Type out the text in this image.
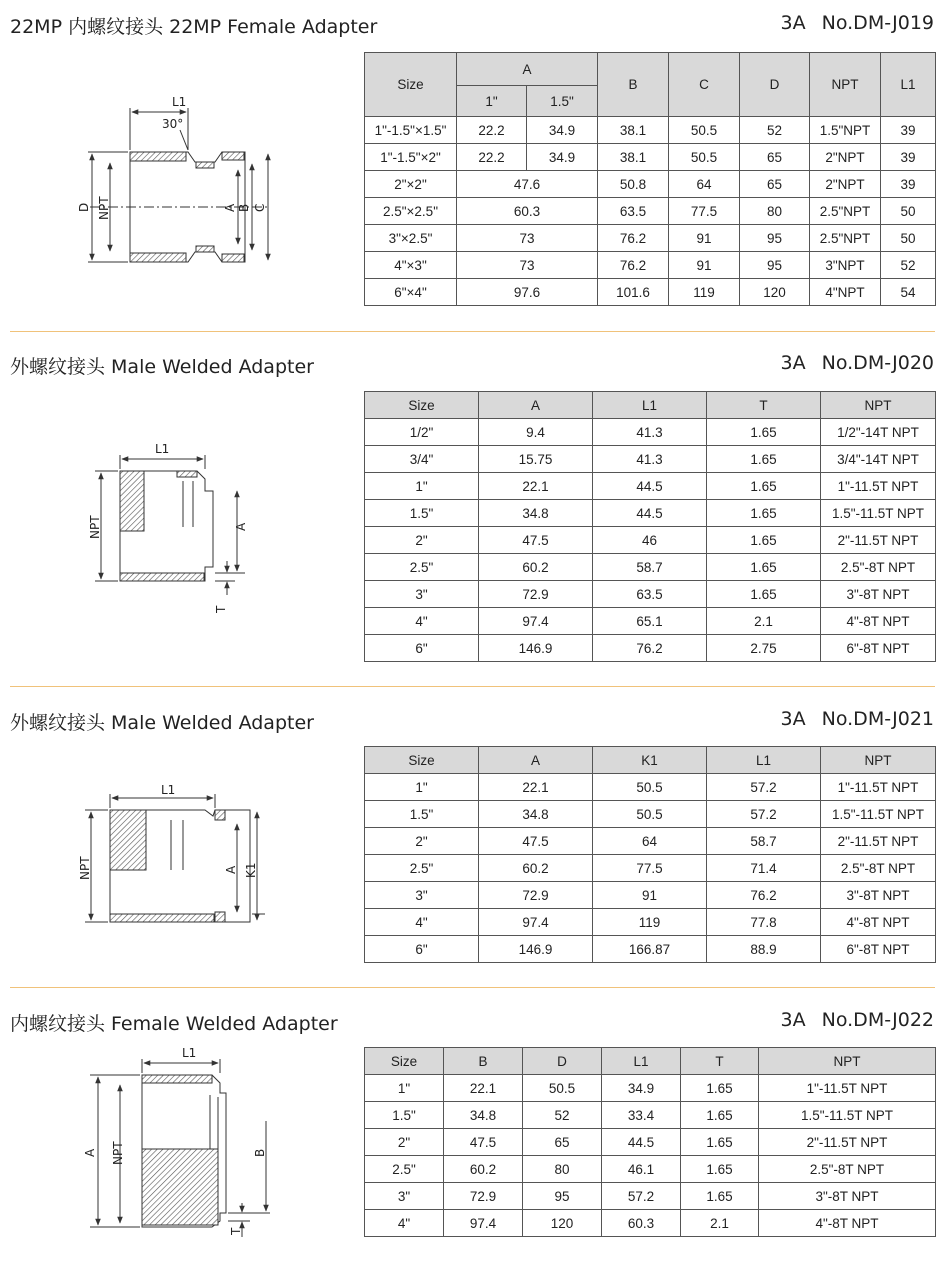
22MP 内螺纹接头 22MP Female Adapter	3A No.DM-J019
L1
30°
D NPT	A B C
Size	A		B	C	D	NPT	L1
	1"	1.5"					
1"-1.5"×1.5"	22.2	34.9	38.1	50.5	52	1.5"NPT	39
1"-1.5"×2"	22.2	34.9	38.1	50.5	65	2"NPT	39
2"×2"	47.6		50.8	64	65	2"NPT	39
2.5"×2.5"	60.3		63.5	77.5	80	2.5"NPT	50
3"×2.5"	73		76.2	91	95	2.5"NPT	50
4"×3"	73		76.2	91	95	3"NPT	52
6"×4"	97.6		101.6	119	120	4"NPT	54
外螺纹接头 Male Welded Adapter	3A No.DM-J020
L1
NPT	A
T
Size	A	L1	T	NPT
1/2"	9.4	41.3	1.65	1/2"-14T NPT
3/4"	15.75	41.3	1.65	3/4"-14T NPT
1"	22.1	44.5	1.65	1"-11.5T NPT
1.5"	34.8	44.5	1.65	1.5"-11.5T NPT
2"	47.5	46	1.65	2"-11.5T NPT
2.5"	60.2	58.7	1.65	2.5"-8T NPT
3"	72.9	63.5	1.65	3"-8T NPT
4"	97.4	65.1	2.1	4"-8T NPT
6"	146.9	76.2	2.75	6"-8T NPT
外螺纹接头 Male Welded Adapter	3A No.DM-J021
L1
NPT	A K1
Size	A	K1	L1	NPT
1"	22.1	50.5	57.2	1"-11.5T NPT
1.5"	34.8	50.5	57.2	1.5"-11.5T NPT
2"	47.5	64	58.7	2"-11.5T NPT
2.5"	60.2	77.5	71.4	2.5"-8T NPT
3"	72.9	91	76.2	3"-8T NPT
4"	97.4	119	77.8	4"-8T NPT
6"	146.9	166.87	88.9	6"-8T NPT
内螺纹接头 Female Welded Adapter	3A No.DM-J022
L1
A NPT	B
T
Size	B	D	L1	T	NPT
1"	22.1	50.5	34.9	1.65	1"-11.5T NPT
1.5"	34.8	52	33.4	1.65	1.5"-11.5T NPT
2"	47.5	65	44.5	1.65	2"-11.5T NPT
2.5"	60.2	80	46.1	1.65	2.5"-8T NPT
3"	72.9	95	57.2	1.65	3"-8T NPT
4"	97.4	120	60.3	2.1	4"-8T NPT
